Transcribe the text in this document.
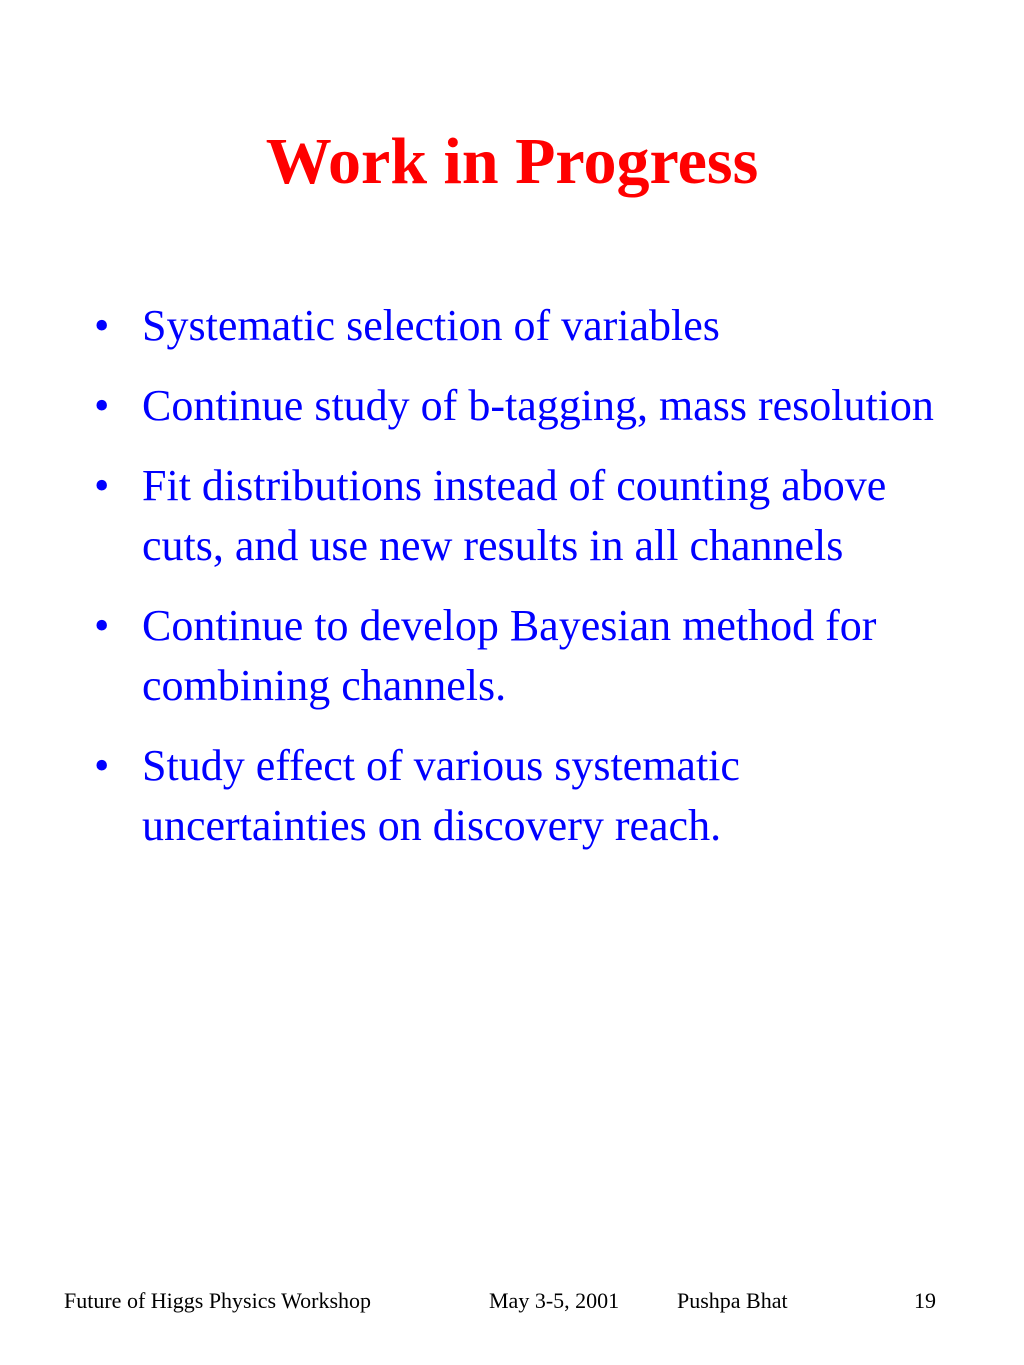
Work in Progress
• Systematic selection of variables
• Continue study of b-tagging, mass resolution
• Fit distributions instead of counting above cuts, and use new results in all channels
• Continue to develop Bayesian method for combining channels.
• Study effect of various systematic uncertainties on discovery reach.
Future of Higgs Physics Workshop	May 3-5, 2001	Pushpa Bhat	19
